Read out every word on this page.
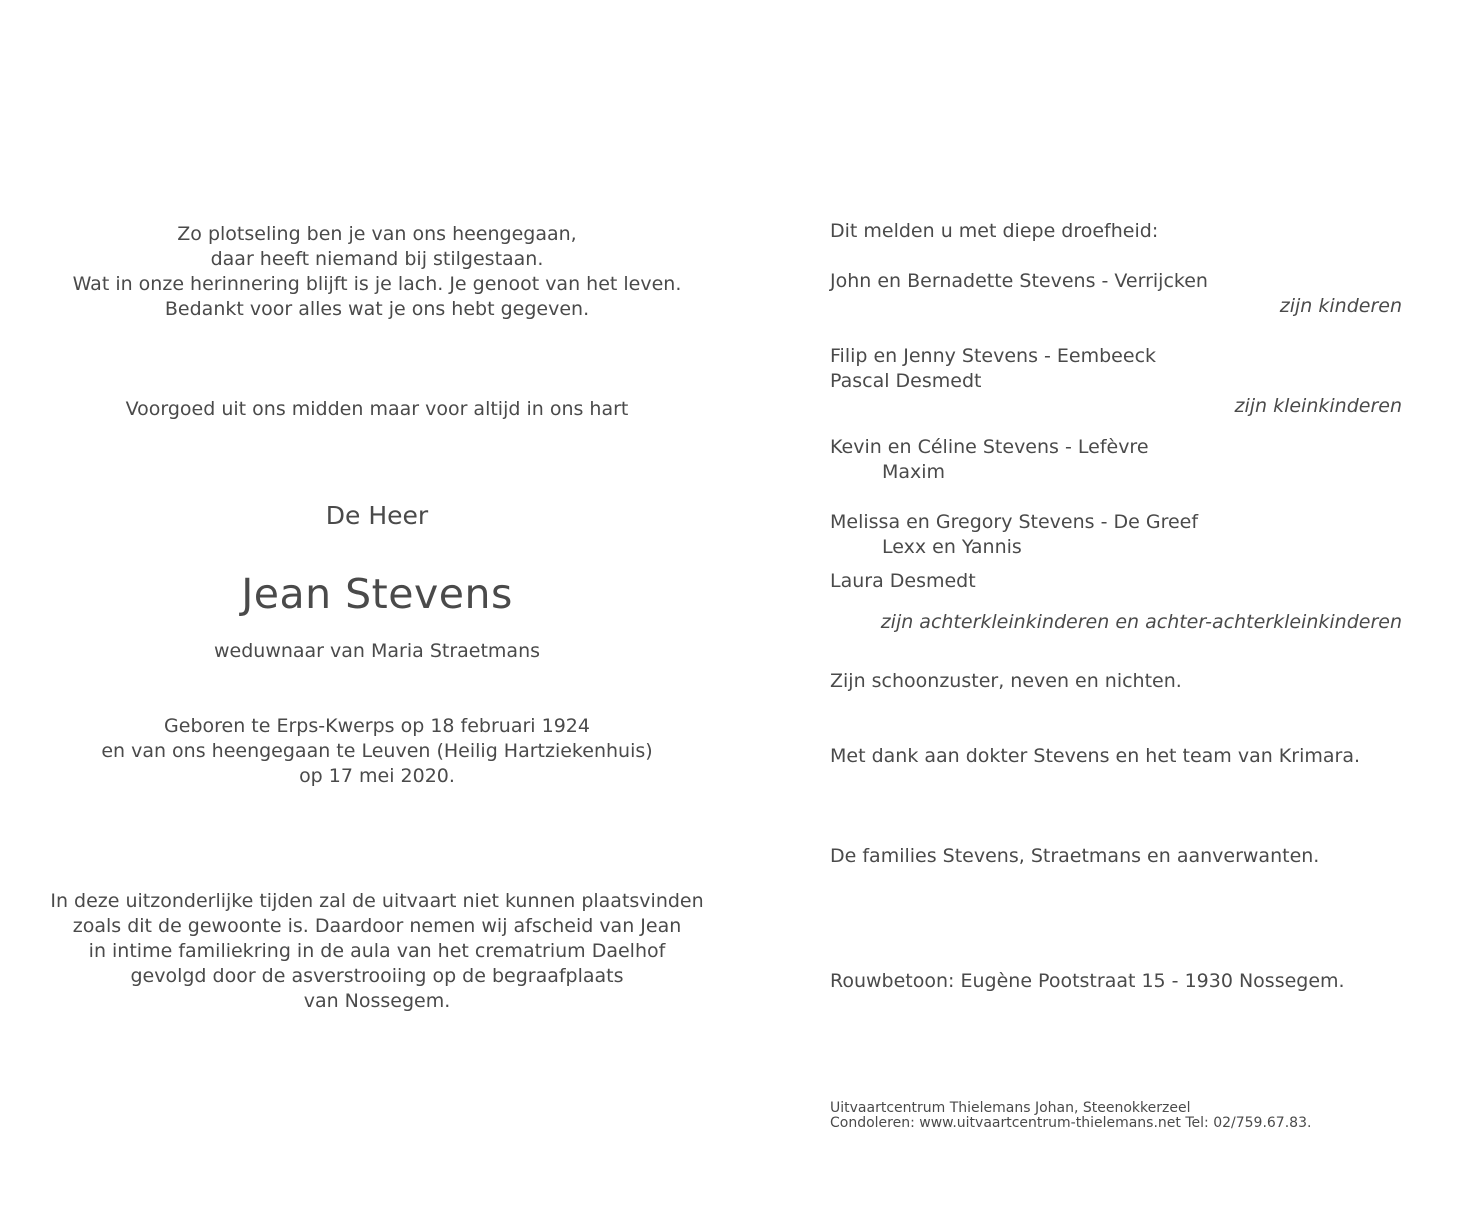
Zo plotseling ben je van ons heengegaan,
daar heeft niemand bij stilgestaan.
Wat in onze herinnering blijft is je lach. Je genoot van het leven.
Bedankt voor alles wat je ons hebt gegeven.
Voorgoed uit ons midden maar voor altijd in ons hart
De Heer
Jean Stevens
weduwnaar van Maria Straetmans
Geboren te Erps-Kwerps op 18 februari 1924
en van ons heengegaan te Leuven (Heilig Hartziekenhuis)
op 17 mei 2020.
In deze uitzonderlijke tijden zal de uitvaart niet kunnen plaatsvinden
zoals dit de gewoonte is. Daardoor nemen wij afscheid van Jean
in intime familiekring in de aula van het crematrium Daelhof
gevolgd door de asverstrooiing op de begraafplaats
van Nossegem.
Dit melden u met diepe droefheid:
John en Bernadette Stevens - Verrijcken
zijn kinderen
Filip en Jenny Stevens - Eembeeck
Pascal Desmedt
zijn kleinkinderen
Kevin en Céline Stevens - Lefèvre
Maxim
Melissa en Gregory Stevens - De Greef
Lexx en Yannis
Laura Desmedt
zijn achterkleinkinderen en achter-achterkleinkinderen
Zijn schoonzuster, neven en nichten.
Met dank aan dokter Stevens en het team van Krimara.
De families Stevens, Straetmans en aanverwanten.
Rouwbetoon: Eugène Pootstraat 15 - 1930 Nossegem.
Uitvaartcentrum Thielemans Johan, Steenokkerzeel
Condoleren: www.uitvaartcentrum-thielemans.net Tel: 02/759.67.83.
